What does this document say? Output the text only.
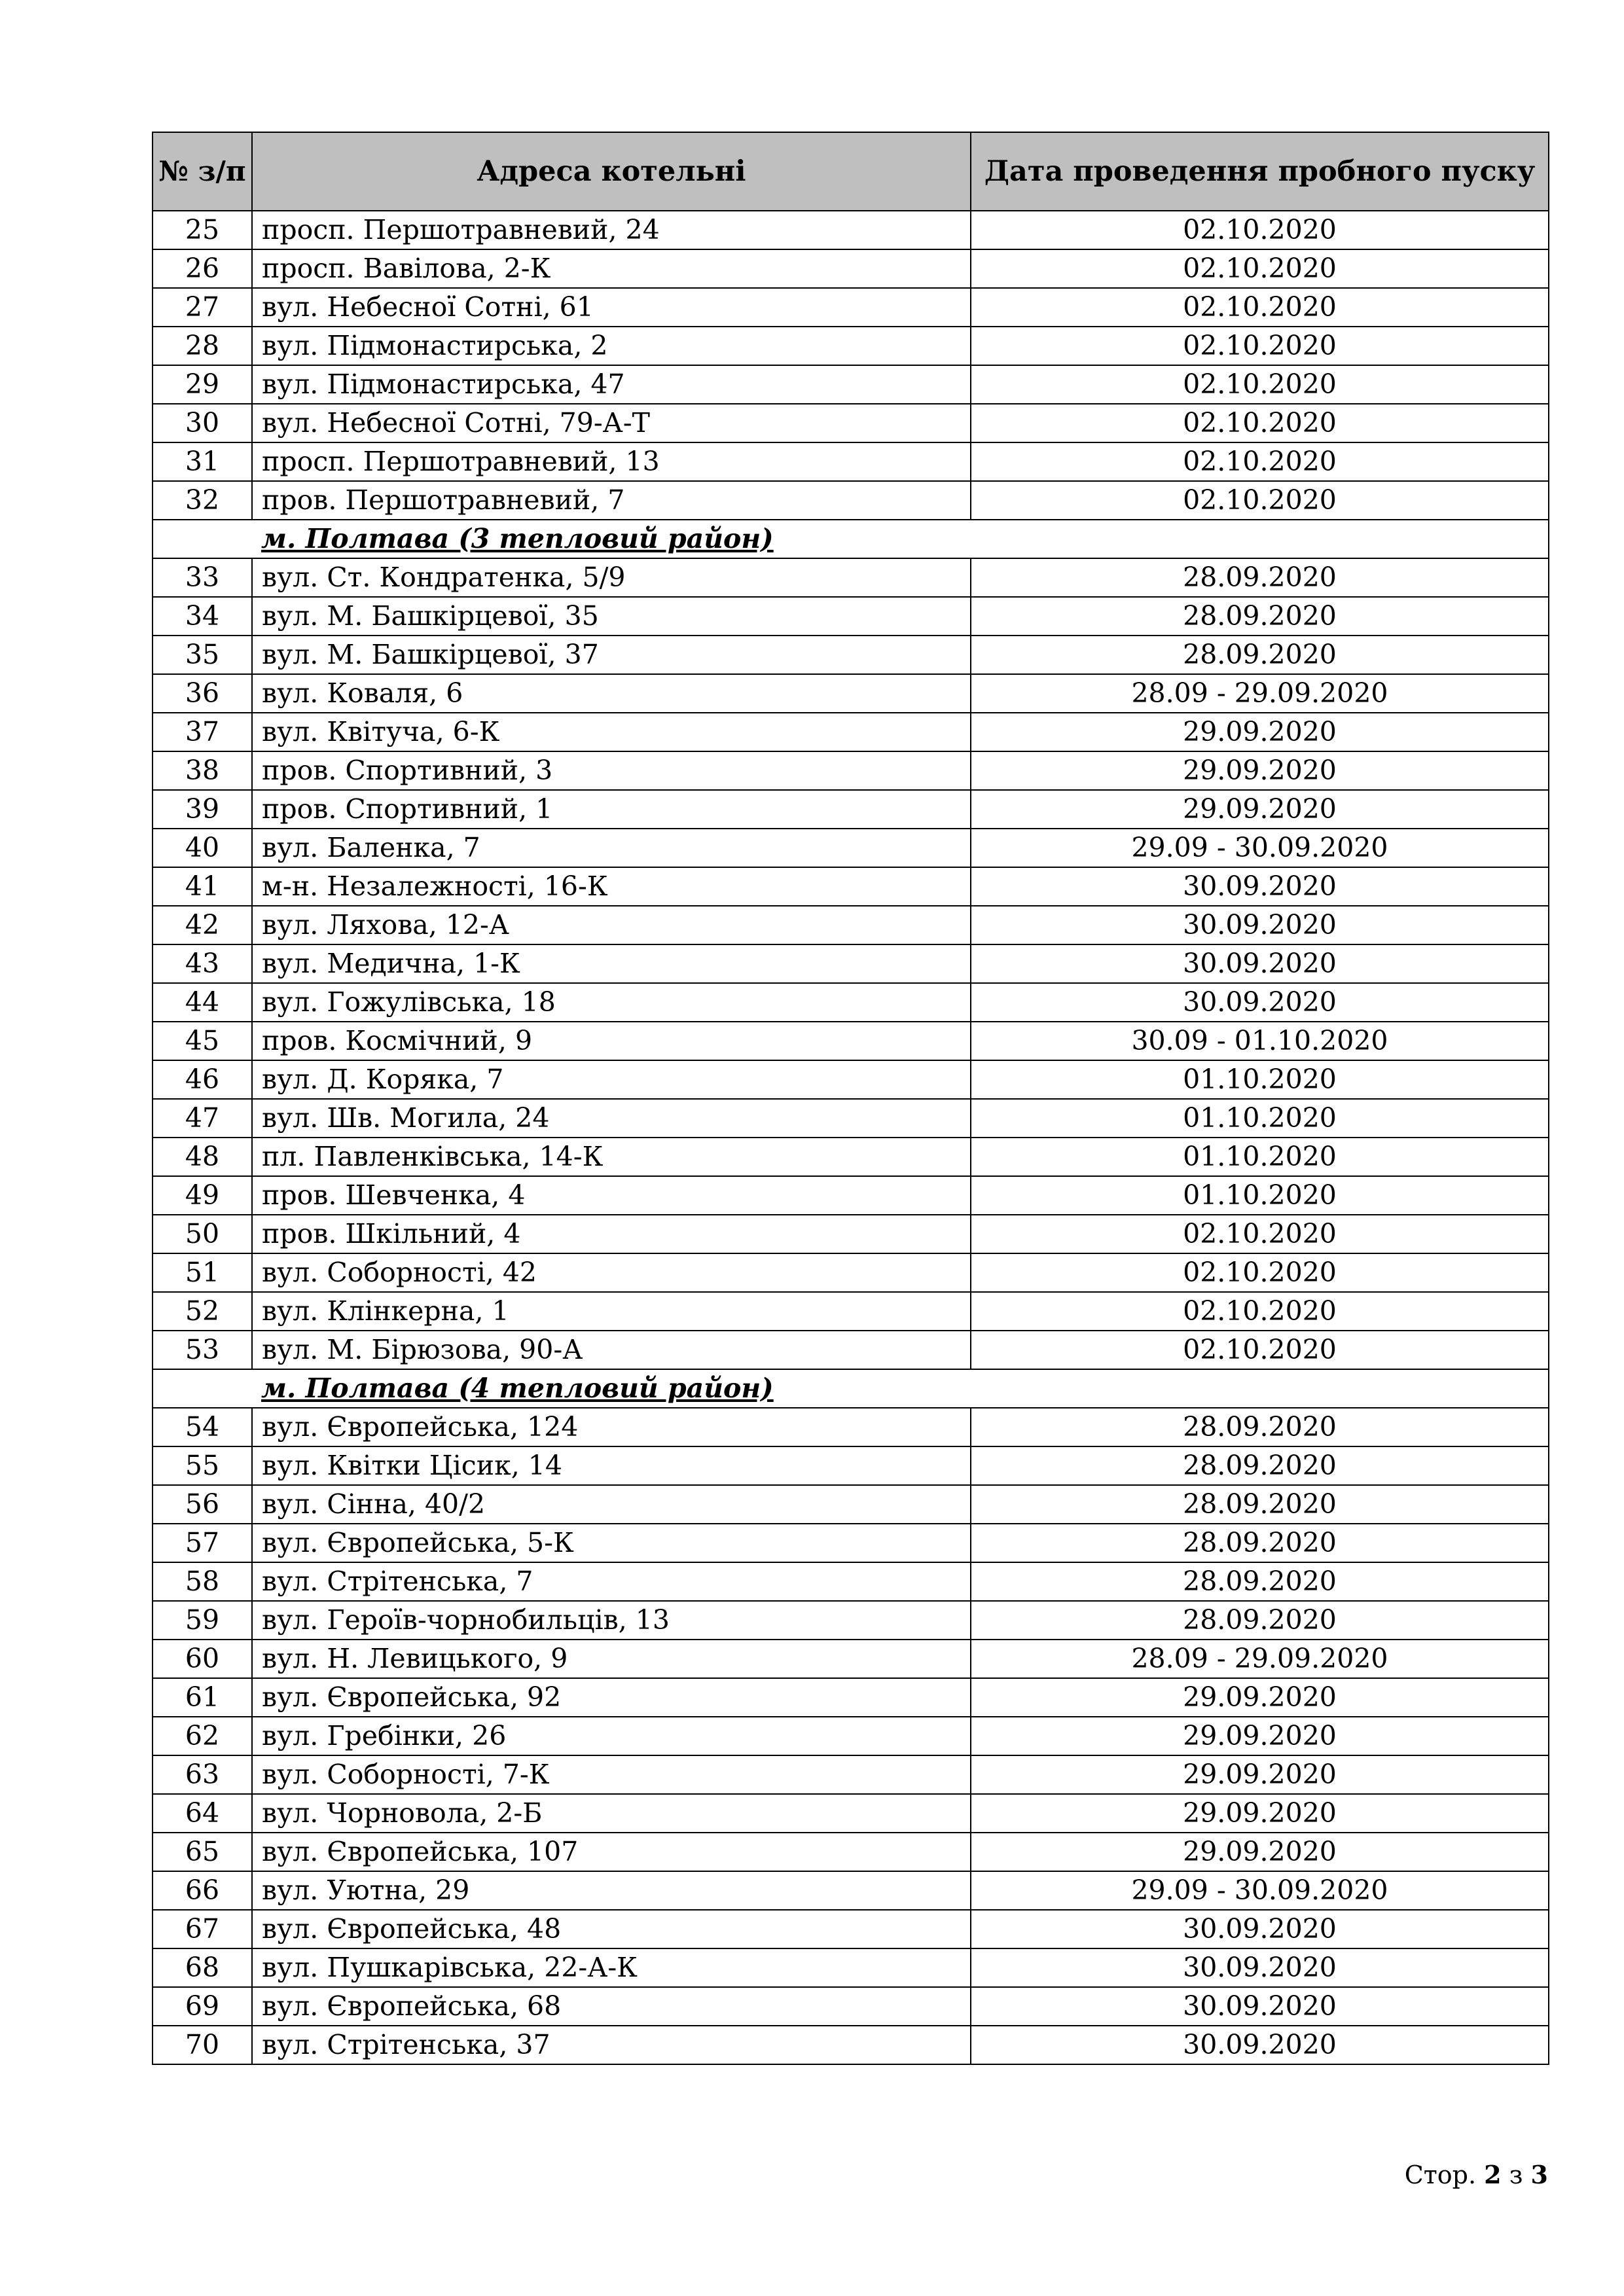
№ з/п	Адреса котельні	Дата проведення пробного пуску
25	просп. Першотравневий, 24	02.10.2020
26	просп. Вавілова, 2-К	02.10.2020
27	вул. Небесної Сотні, 61	02.10.2020
28	вул. Підмонастирська, 2	02.10.2020
29	вул. Підмонастирська, 47	02.10.2020
30	вул. Небесної Сотні, 79-А-Т	02.10.2020
31	просп. Першотравневий, 13	02.10.2020
32	пров. Першотравневий, 7	02.10.2020
	м. Полтава (3 тепловий район)	
33	вул. Ст. Кондратенка, 5/9	28.09.2020
34	вул. М. Башкірцевої, 35	28.09.2020
35	вул. М. Башкірцевої, 37	28.09.2020
36	вул. Коваля, 6	28.09 - 29.09.2020
37	вул. Квітуча, 6-К	29.09.2020
38	пров. Спортивний, 3	29.09.2020
39	пров. Спортивний, 1	29.09.2020
40	вул. Баленка, 7	29.09 - 30.09.2020
41	м-н. Незалежності, 16-К	30.09.2020
42	вул. Ляхова, 12-А	30.09.2020
43	вул. Медична, 1-К	30.09.2020
44	вул. Гожулівська, 18	30.09.2020
45	пров. Космічний, 9	30.09 - 01.10.2020
46	вул. Д. Коряка, 7	01.10.2020
47	вул. Шв. Могила, 24	01.10.2020
48	пл. Павленківська, 14-К	01.10.2020
49	пров. Шевченка, 4	01.10.2020
50	пров. Шкільний, 4	02.10.2020
51	вул. Соборності, 42	02.10.2020
52	вул. Клінкерна, 1	02.10.2020
53	вул. М. Бірюзова, 90-А	02.10.2020
	м. Полтава (4 тепловий район)	
54	вул. Європейська, 124	28.09.2020
55	вул. Квітки Цісик, 14	28.09.2020
56	вул. Сінна, 40/2	28.09.2020
57	вул. Європейська, 5-К	28.09.2020
58	вул. Стрітенська, 7	28.09.2020
59	вул. Героїв-чорнобильців, 13	28.09.2020
60	вул. Н. Левицького, 9	28.09 - 29.09.2020
61	вул. Європейська, 92	29.09.2020
62	вул. Гребінки, 26	29.09.2020
63	вул. Соборності, 7-К	29.09.2020
64	вул. Чорновола, 2-Б	29.09.2020
65	вул. Європейська, 107	29.09.2020
66	вул. Уютна, 29	29.09 - 30.09.2020
67	вул. Європейська, 48	30.09.2020
68	вул. Пушкарівська, 22-А-К	30.09.2020
69	вул. Європейська, 68	30.09.2020
70	вул. Стрітенська, 37	30.09.2020
Стор. 2 з 3
